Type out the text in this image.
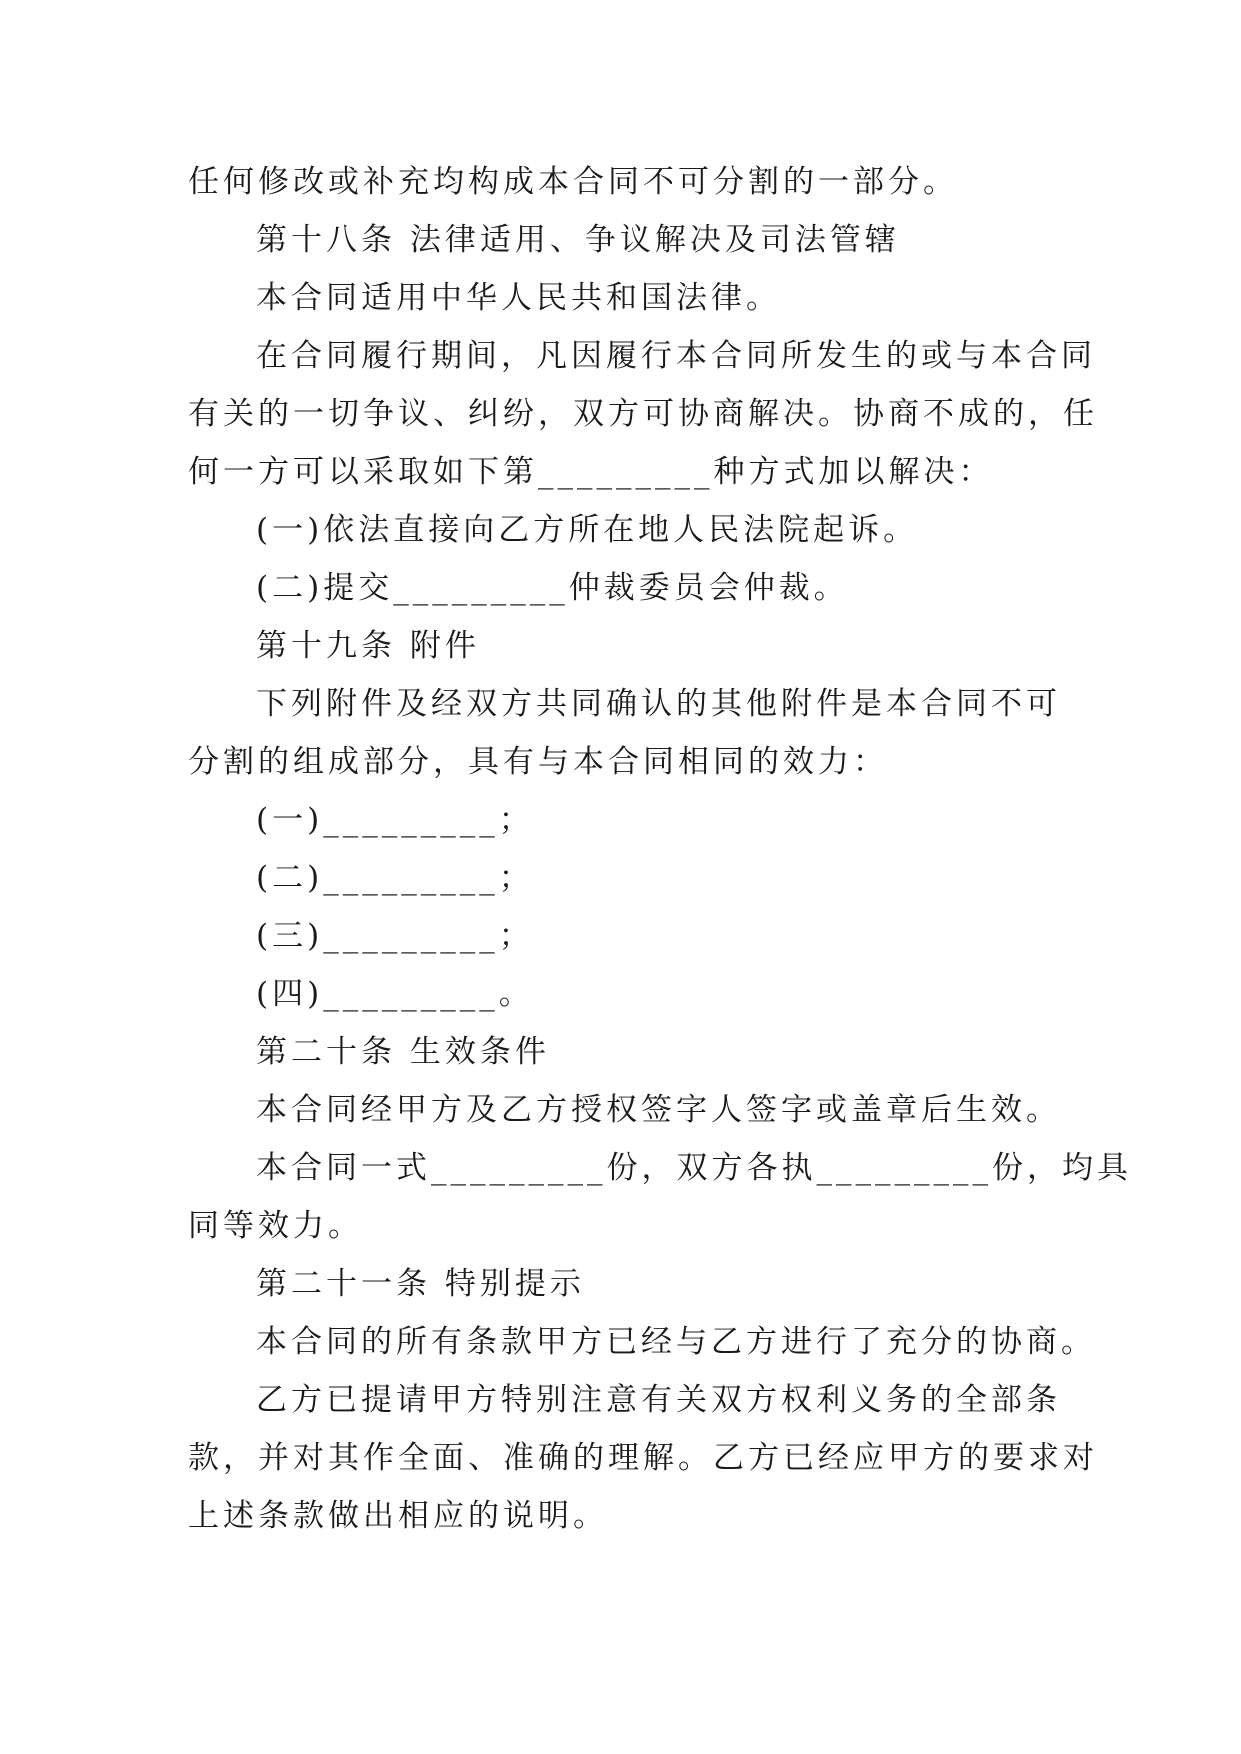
任何修改或补充均构成本合同不可分割的一部分。
第十八条 法律适用、争议解决及司法管辖
本合同适用中华人民共和国法律。
在合同履行期间，凡因履行本合同所发生的或与本合同
有关的一切争议、纠纷，双方可协商解决。协商不成的，任
何一方可以采取如下第_________种方式加以解决：
(一)依法直接向乙方所在地人民法院起诉。
(二)提交_________仲裁委员会仲裁。
第十九条 附件
下列附件及经双方共同确认的其他附件是本合同不可
分割的组成部分，具有与本合同相同的效力：
(一)_________；
(二)_________；
(三)_________；
(四)_________。
第二十条 生效条件
本合同经甲方及乙方授权签字人签字或盖章后生效。
本合同一式_________份，双方各执_________份，均具
同等效力。
第二十一条 特别提示
本合同的所有条款甲方已经与乙方进行了充分的协商。
乙方已提请甲方特别注意有关双方权利义务的全部条
款，并对其作全面、准确的理解。乙方已经应甲方的要求对
上述条款做出相应的说明。
